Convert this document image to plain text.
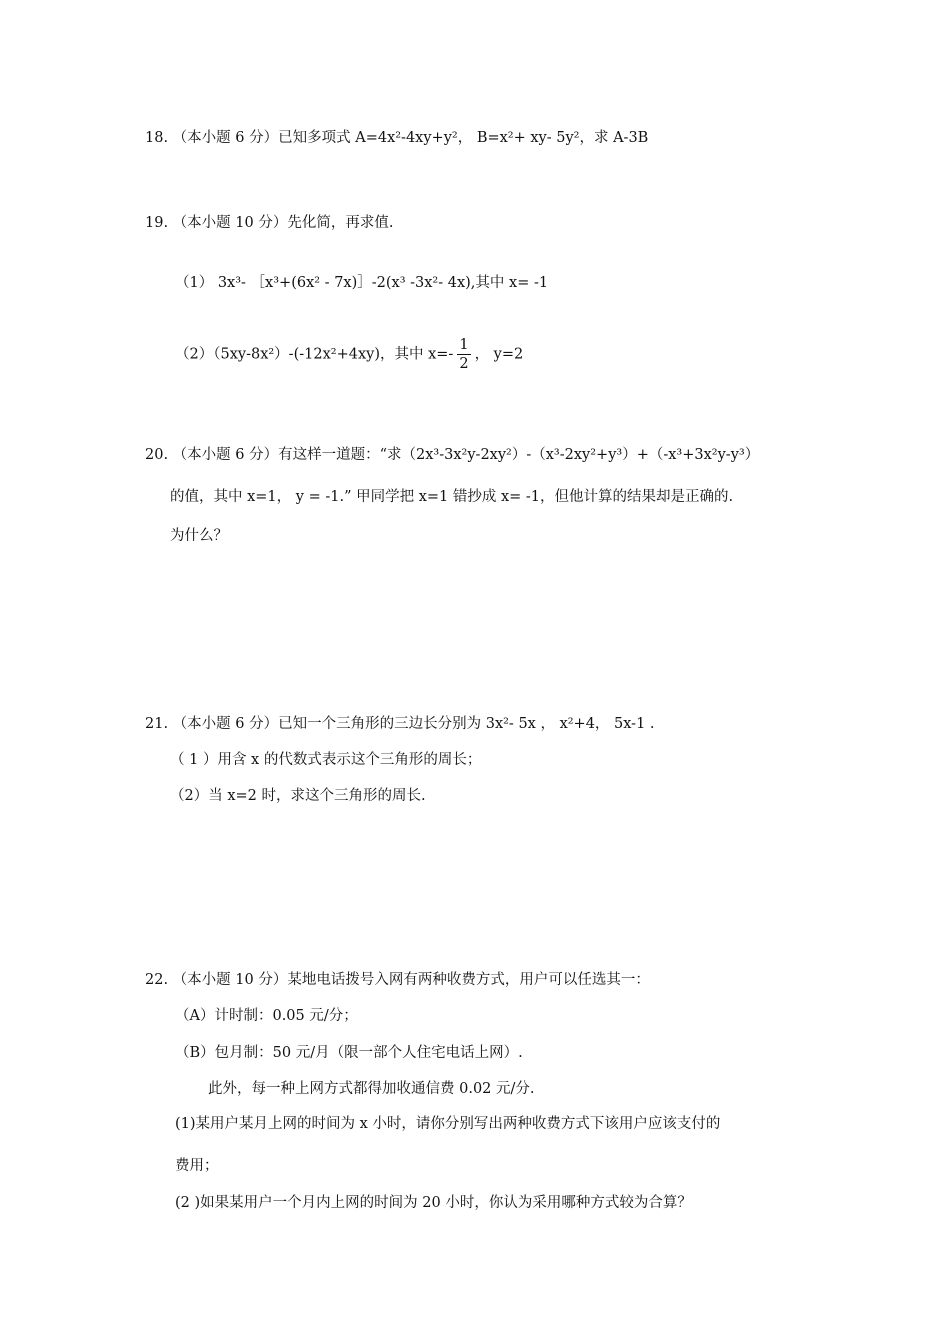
18. （本小题 6 分）已知多项式 A=4x²-4xy+y²， B=x²+ xy- 5y²，求 A-3B
19. （本小题 10 分）先化简，再求值.
（1） 3x³- ［x³+(6x² - 7x)］-2(x³ -3x²- 4x),其中 x= -1
（2）（5xy-8x²）-(-12x²+4xy)，其中 $x=- \frac{1}{2}$ ， y=2
20. （本小题 6 分）有这样一道题：“求（2x³-3x²y-2xy²）-（x³-2xy²+y³）+（-x³+3x²y-y³）
的值，其中 x=1， y = -1.” 甲同学把 x=1 错抄成 x= -1，但他计算的结果却是正确的.
为什么？
21. （本小题 6 分）已知一个三角形的三边长分别为 3x²- 5x ， x²+4， 5x-1 .
（ 1 ）用含 x 的代数式表示这个三角形的周长；
（2）当 x=2 时，求这个三角形的周长.
22. （本小题 10 分）某地电话拨号入网有两种收费方式，用户可以任选其一：
（A）计时制：0.05 元/分；
（B）包月制：50 元/月（限一部个人住宅电话上网）.
此外，每一种上网方式都得加收通信费 0.02 元/分.
(1)某用户某月上网的时间为 x 小时，请你分别写出两种收费方式下该用户应该支付的
费用；
(2 )如果某用户一个月内上网的时间为 20 小时，你认为采用哪种方式较为合算？
